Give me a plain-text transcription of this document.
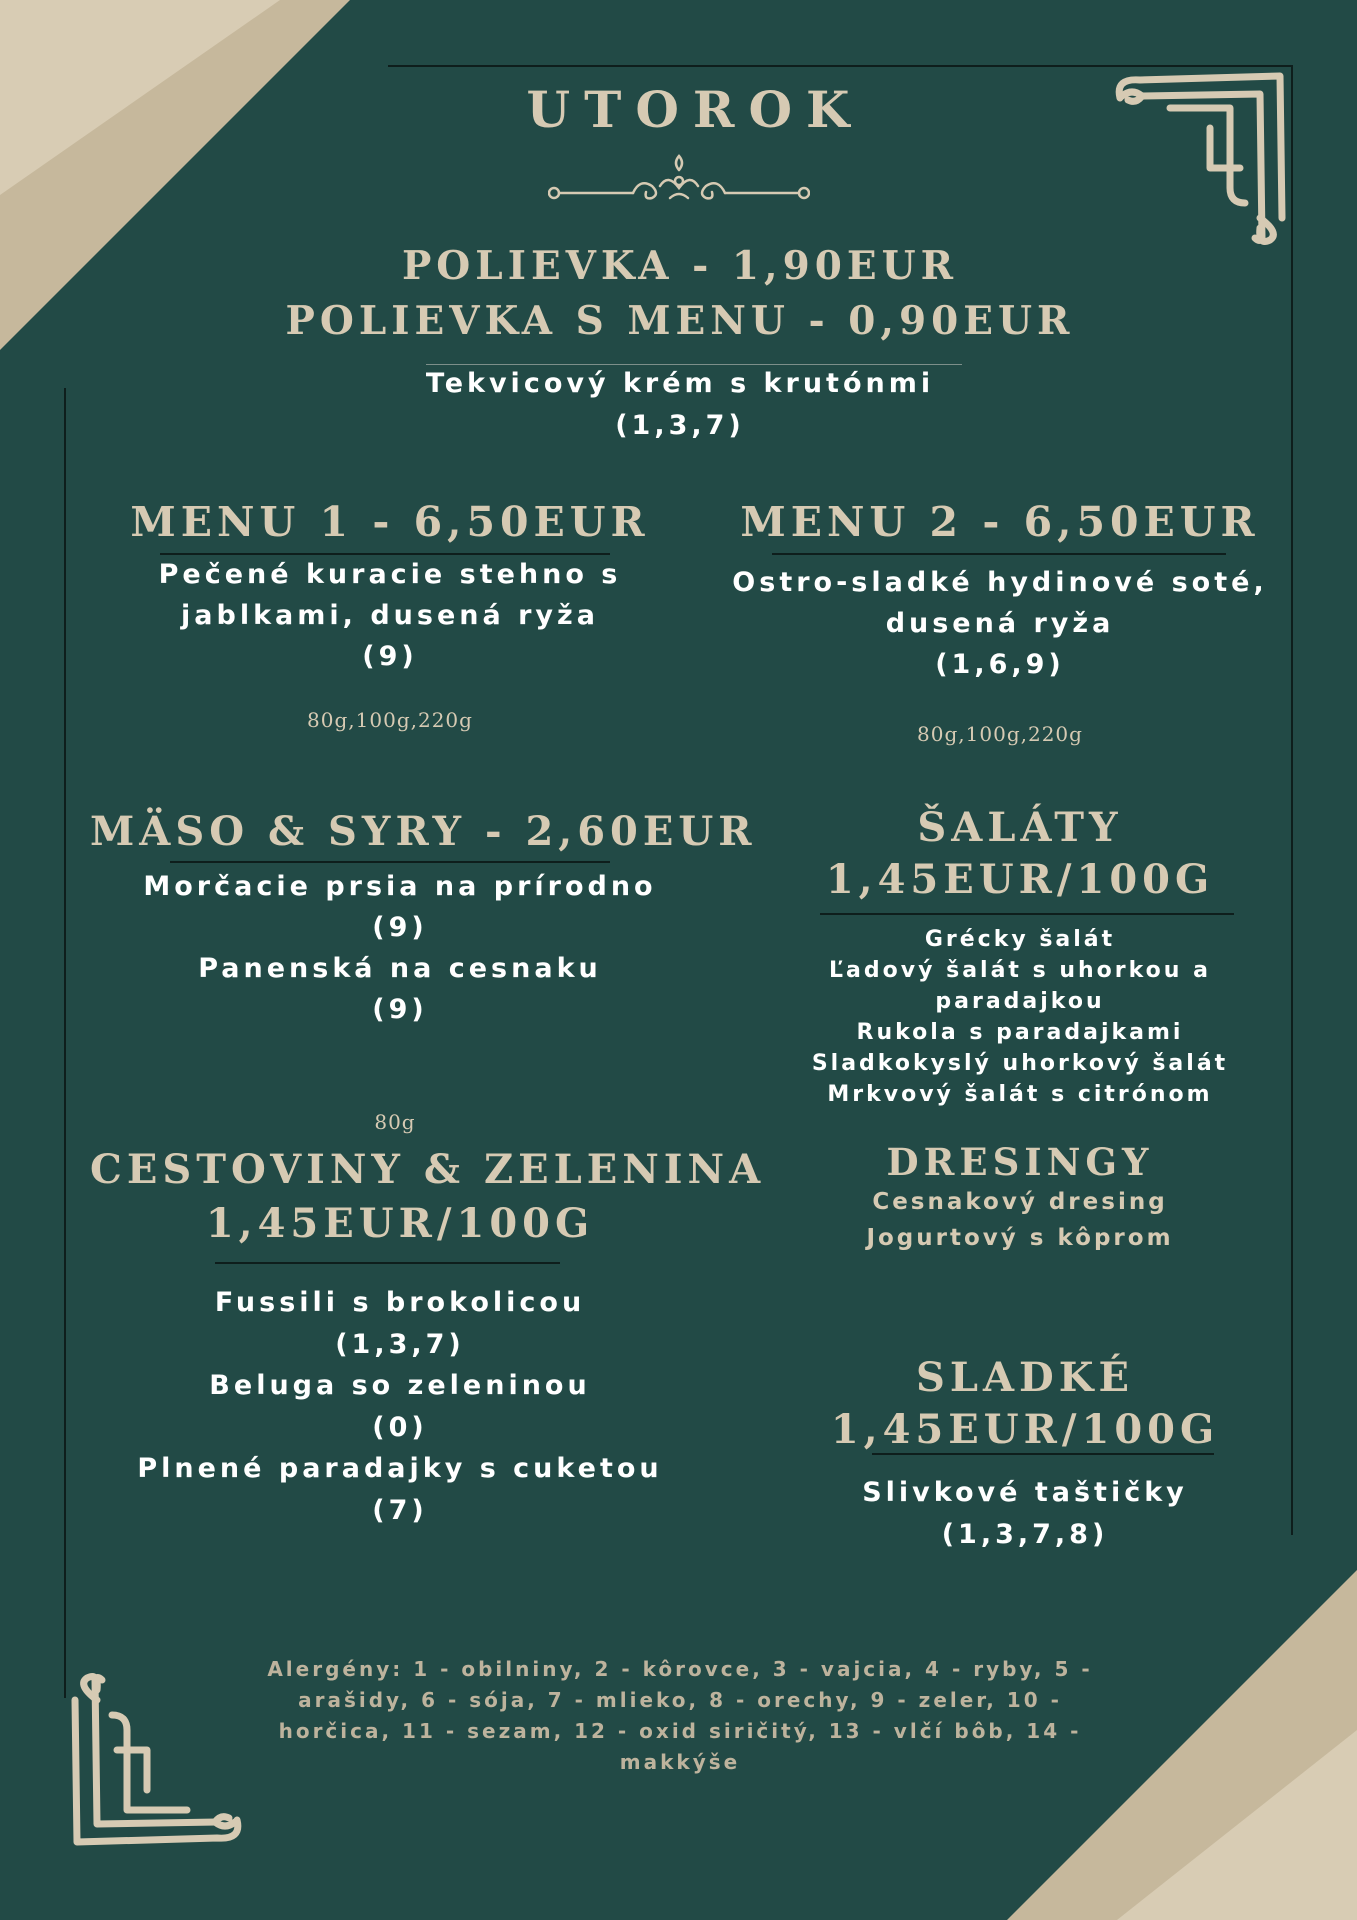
UTOROK
POLIEVKA - 1,90EUR
POLIEVKA S MENU - 0,90EUR
Tekvicový krém s krutónmi
(1,3,7)
MENU 1 - 6,50EUR
Pečené kuracie stehno s
jablkami, dusená ryža
(9)
80g,100g,220g
MENU 2 - 6,50EUR
Ostro-sladké hydinové soté,
dusená ryža
(1,6,9)
80g,100g,220g
MÄSO & SYRY - 2,60EUR
Morčacie prsia na prírodno
(9)
Panenská na cesnaku
(9)
80g
ŠALÁTY
1,45EUR/100G
Grécky šalát
Ľadový šalát s uhorkou a
paradajkou
Rukola s paradajkami
Sladkokyslý uhorkový šalát
Mrkvový šalát s citrónom
CESTOVINY & ZELENINA
1,45EUR/100G
Fussili s brokolicou
(1,3,7)
Beluga so zeleninou
(0)
Plnené paradajky s cuketou
(7)
DRESINGY
Cesnakový dresing
Jogurtový s kôprom
SLADKÉ
1,45EUR/100G
Slivkové taštičky
(1,3,7,8)
Alergény: 1 - obilniny, 2 - kôrovce, 3 - vajcia, 4 - ryby, 5 -
arašidy, 6 - sója, 7 - mlieko, 8 - orechy, 9 - zeler, 10 -
horčica, 11 - sezam, 12 - oxid siričitý, 13 - vlčí bôb, 14 -
makkýše
